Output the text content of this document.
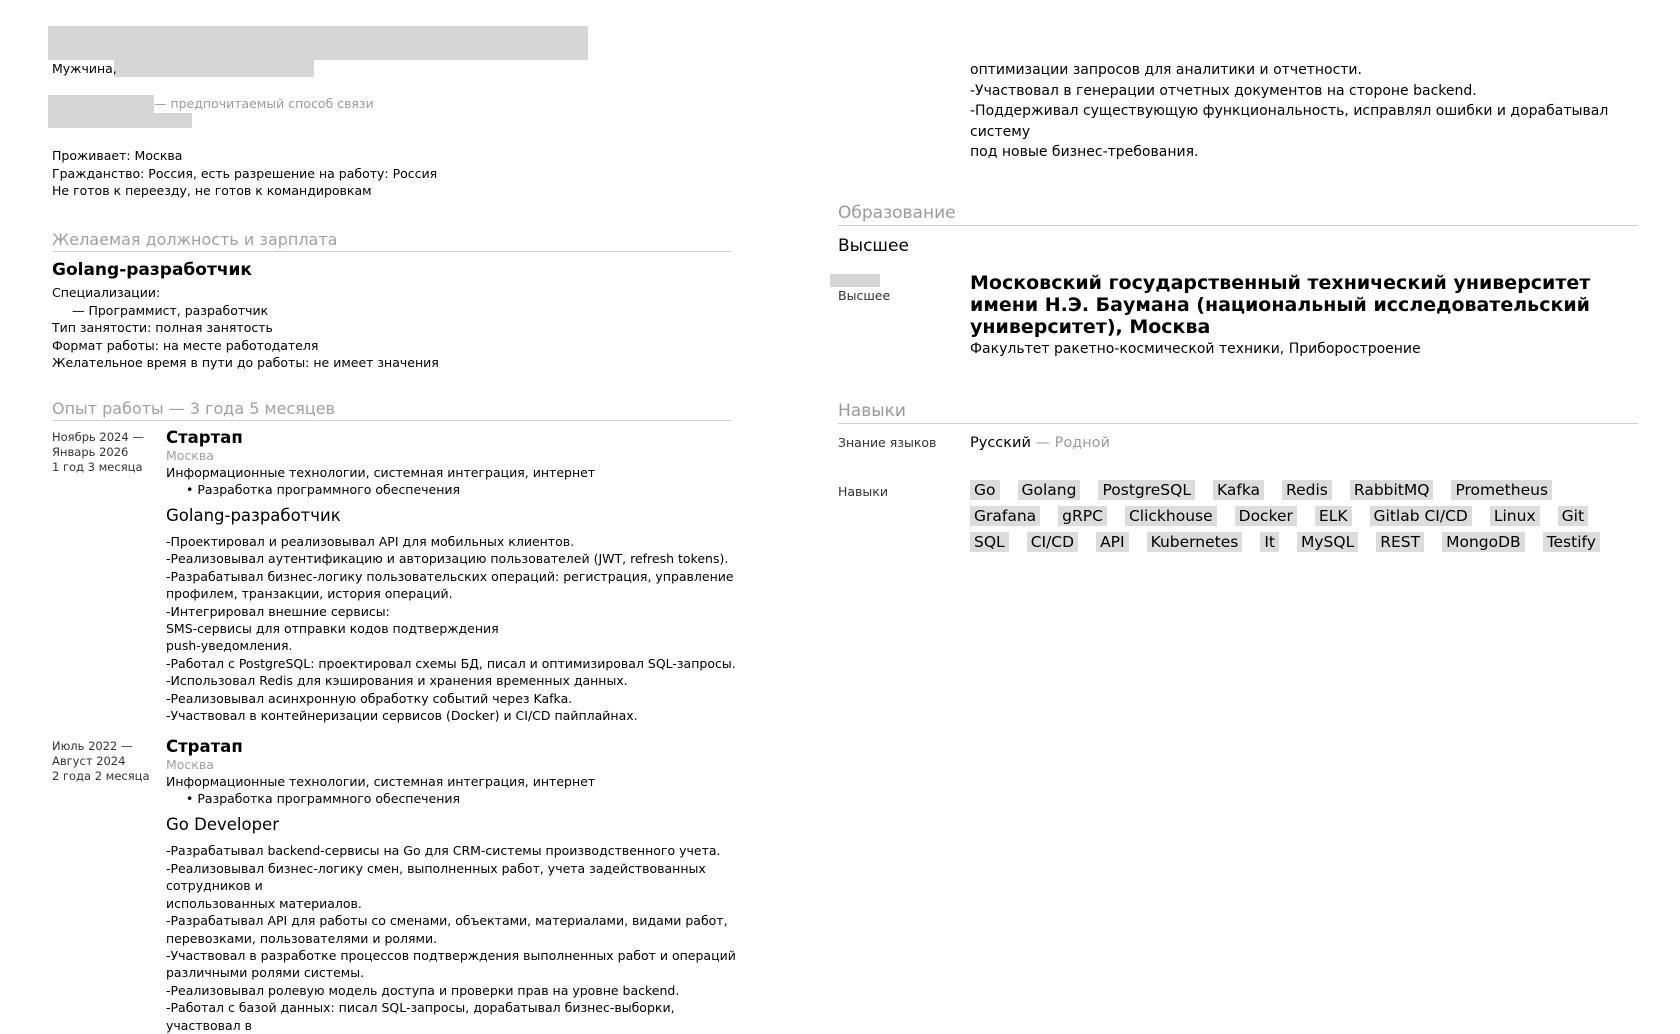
Мужчина,
— предпочитаемый способ связи
Проживает: Москва
Гражданство: Россия, есть разрешение на работу: Россия
Не готов к переезду, не готов к командировкам
Желаемая должность и зарплата
Golang-разработчик
Специализации:
— Программист, разработчик
Тип занятости: полная занятость
Формат работы: на месте работодателя
Желательное время в пути до работы: не имеет значения
Опыт работы — 3 года 5 месяцев
Ноябрь 2024 —
Январь 2026
1 год 3 месяца
Стартап
Москва
Информационные технологии, системная интеграция, интернет
• Разработка программного обеспечения
Golang-разработчик
-Проектировал и реализовывал API для мобильных клиентов.
-Реализовывал аутентификацию и авторизацию пользователей (JWT, refresh tokens).
-Разрабатывал бизнес-логику пользовательских операций: регистрация, управление
профилем, транзакции, история операций.
-Интегрировал внешние сервисы:
SMS-сервисы для отправки кодов подтверждения
push-уведомления.
-Работал с PostgreSQL: проектировал схемы БД, писал и оптимизировал SQL-запросы.
-Использовал Redis для кэширования и хранения временных данных.
-Реализовывал асинхронную обработку событий через Kafka.
-Участвовал в контейнеризации сервисов (Docker) и CI/CD пайплайнах.
Июль 2022 —
Август 2024
2 года 2 месяца
Стратап
Москва
Информационные технологии, системная интеграция, интернет
• Разработка программного обеспечения
Go Developer
-Разрабатывал backend-сервисы на Go для CRM-системы производственного учета.
-Реализовывал бизнес-логику смен, выполненных работ, учета задействованных сотрудников и
использованных материалов.
-Разрабатывал API для работы со сменами, объектами, материалами, видами работ,
перевозками, пользователями и ролями.
-Участвовал в разработке процессов подтверждения выполненных работ и операций
различными ролями системы.
-Реализовывал ролевую модель доступа и проверки прав на уровне backend.
-Работал с базой данных: писал SQL-запросы, дорабатывал бизнес-выборки, участвовал в
оптимизации запросов для аналитики и отчетности.
-Участвовал в генерации отчетных документов на стороне backend.
-Поддерживал существующую функциональность, исправлял ошибки и дорабатывал систему
под новые бизнес-требования.
Образование
Высшее
Высшее
Московский государственный технический университет имени Н.Э. Баумана (национальный исследовательский университет), Москва
Факультет ракетно-космической техники, Приборостроение
Навыки
Знание языков Русский — Родной
Навыки	Go Golang PostgreSQL Kafka Redis RabbitMQ Prometheus
Grafana gRPC Clickhouse Docker ELK Gitlab CI/CD Linux Git
SQL CI/CD API Kubernetes It MySQL REST MongoDB Testify
